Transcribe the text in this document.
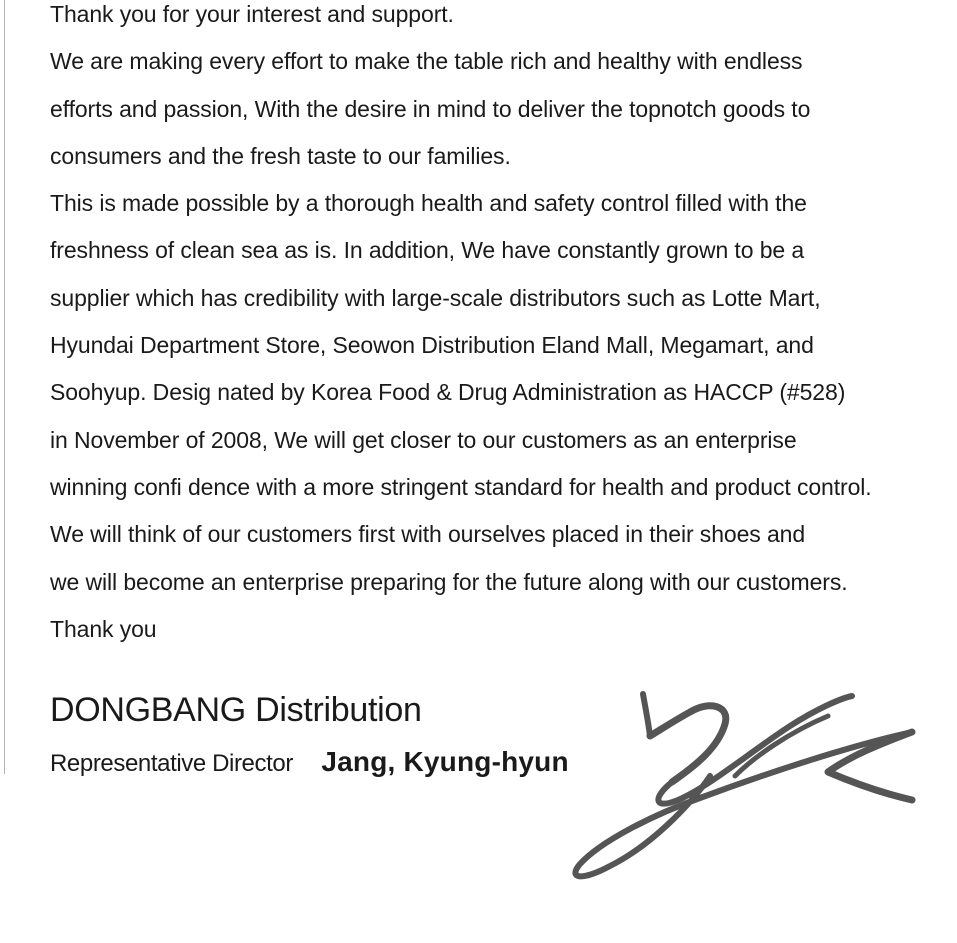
Thank you for your interest and support.
We are making every effort to make the table rich and healthy with endless
efforts and passion, With the desire in mind to deliver the topnotch goods to
consumers and the fresh taste to our families.
This is made possible by a thorough health and safety control filled with the
freshness of clean sea as is. In addition, We have constantly grown to be a
supplier which has credibility with large-scale distributors such as Lotte Mart,
Hyundai Department Store, Seowon Distribution Eland Mall, Megamart, and
Soohyup. Desig nated by Korea Food & Drug Administration as HACCP (#528)
in November of 2008, We will get closer to our customers as an enterprise
winning confi dence with a more stringent standard for health and product control.
We will think of our customers first with ourselves placed in their shoes and
we will become an enterprise preparing for the future along with our customers.
Thank you
DONGBANG Distribution
Representative Director Jang, Kyung-hyun
